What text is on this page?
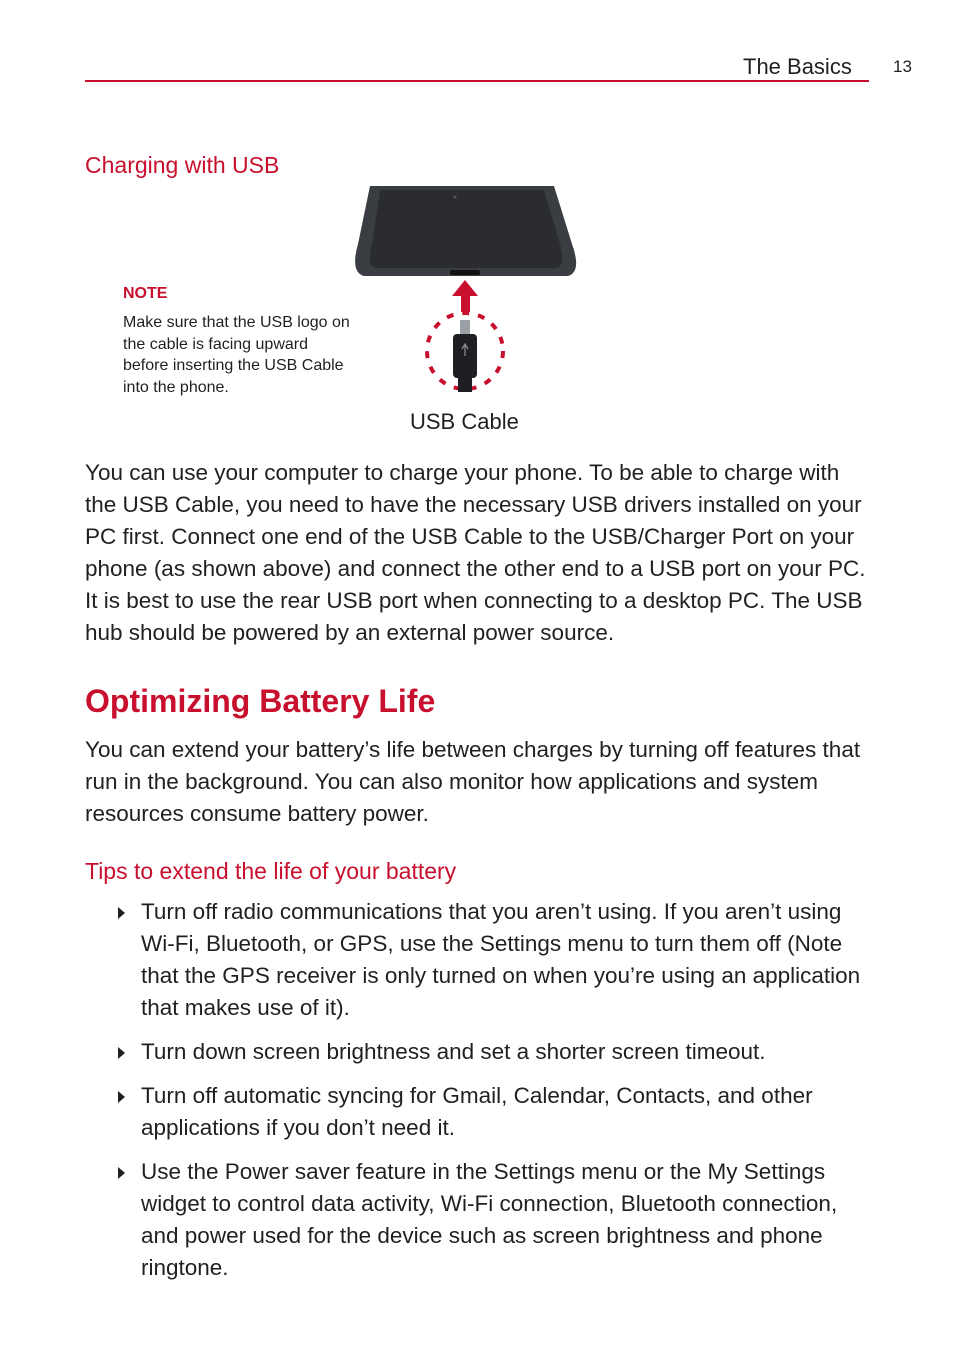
The Basics 13
Charging with USB
NOTE
Make sure that the USB logo on the cable is facing upward before inserting the USB Cable into the phone.
USB Cable
You can use your computer to charge your phone. To be able to charge with the USB Cable, you need to have the necessary USB drivers installed on your PC first. Connect one end of the USB Cable to the USB/Charger Port on your phone (as shown above) and connect the other end to a USB port on your PC. It is best to use the rear USB port when connecting to a desktop PC. The USB hub should be powered by an external power source.
Optimizing Battery Life
You can extend your battery’s life between charges by turning off features that run in the background. You can also monitor how applications and system resources consume battery power.
Tips to extend the life of your battery
Turn off radio communications that you aren’t using. If you aren’t using Wi-Fi, Bluetooth, or GPS, use the Settings menu to turn them off (Note that the GPS receiver is only turned on when you’re using an application that makes use of it).
Turn down screen brightness and set a shorter screen timeout.
Turn off automatic syncing for Gmail, Calendar, Contacts, and other applications if you don’t need it.
Use the Power saver feature in the Settings menu or the My Settings widget to control data activity, Wi-Fi connection, Bluetooth connection, and power used for the device such as screen brightness and phone ringtone.
